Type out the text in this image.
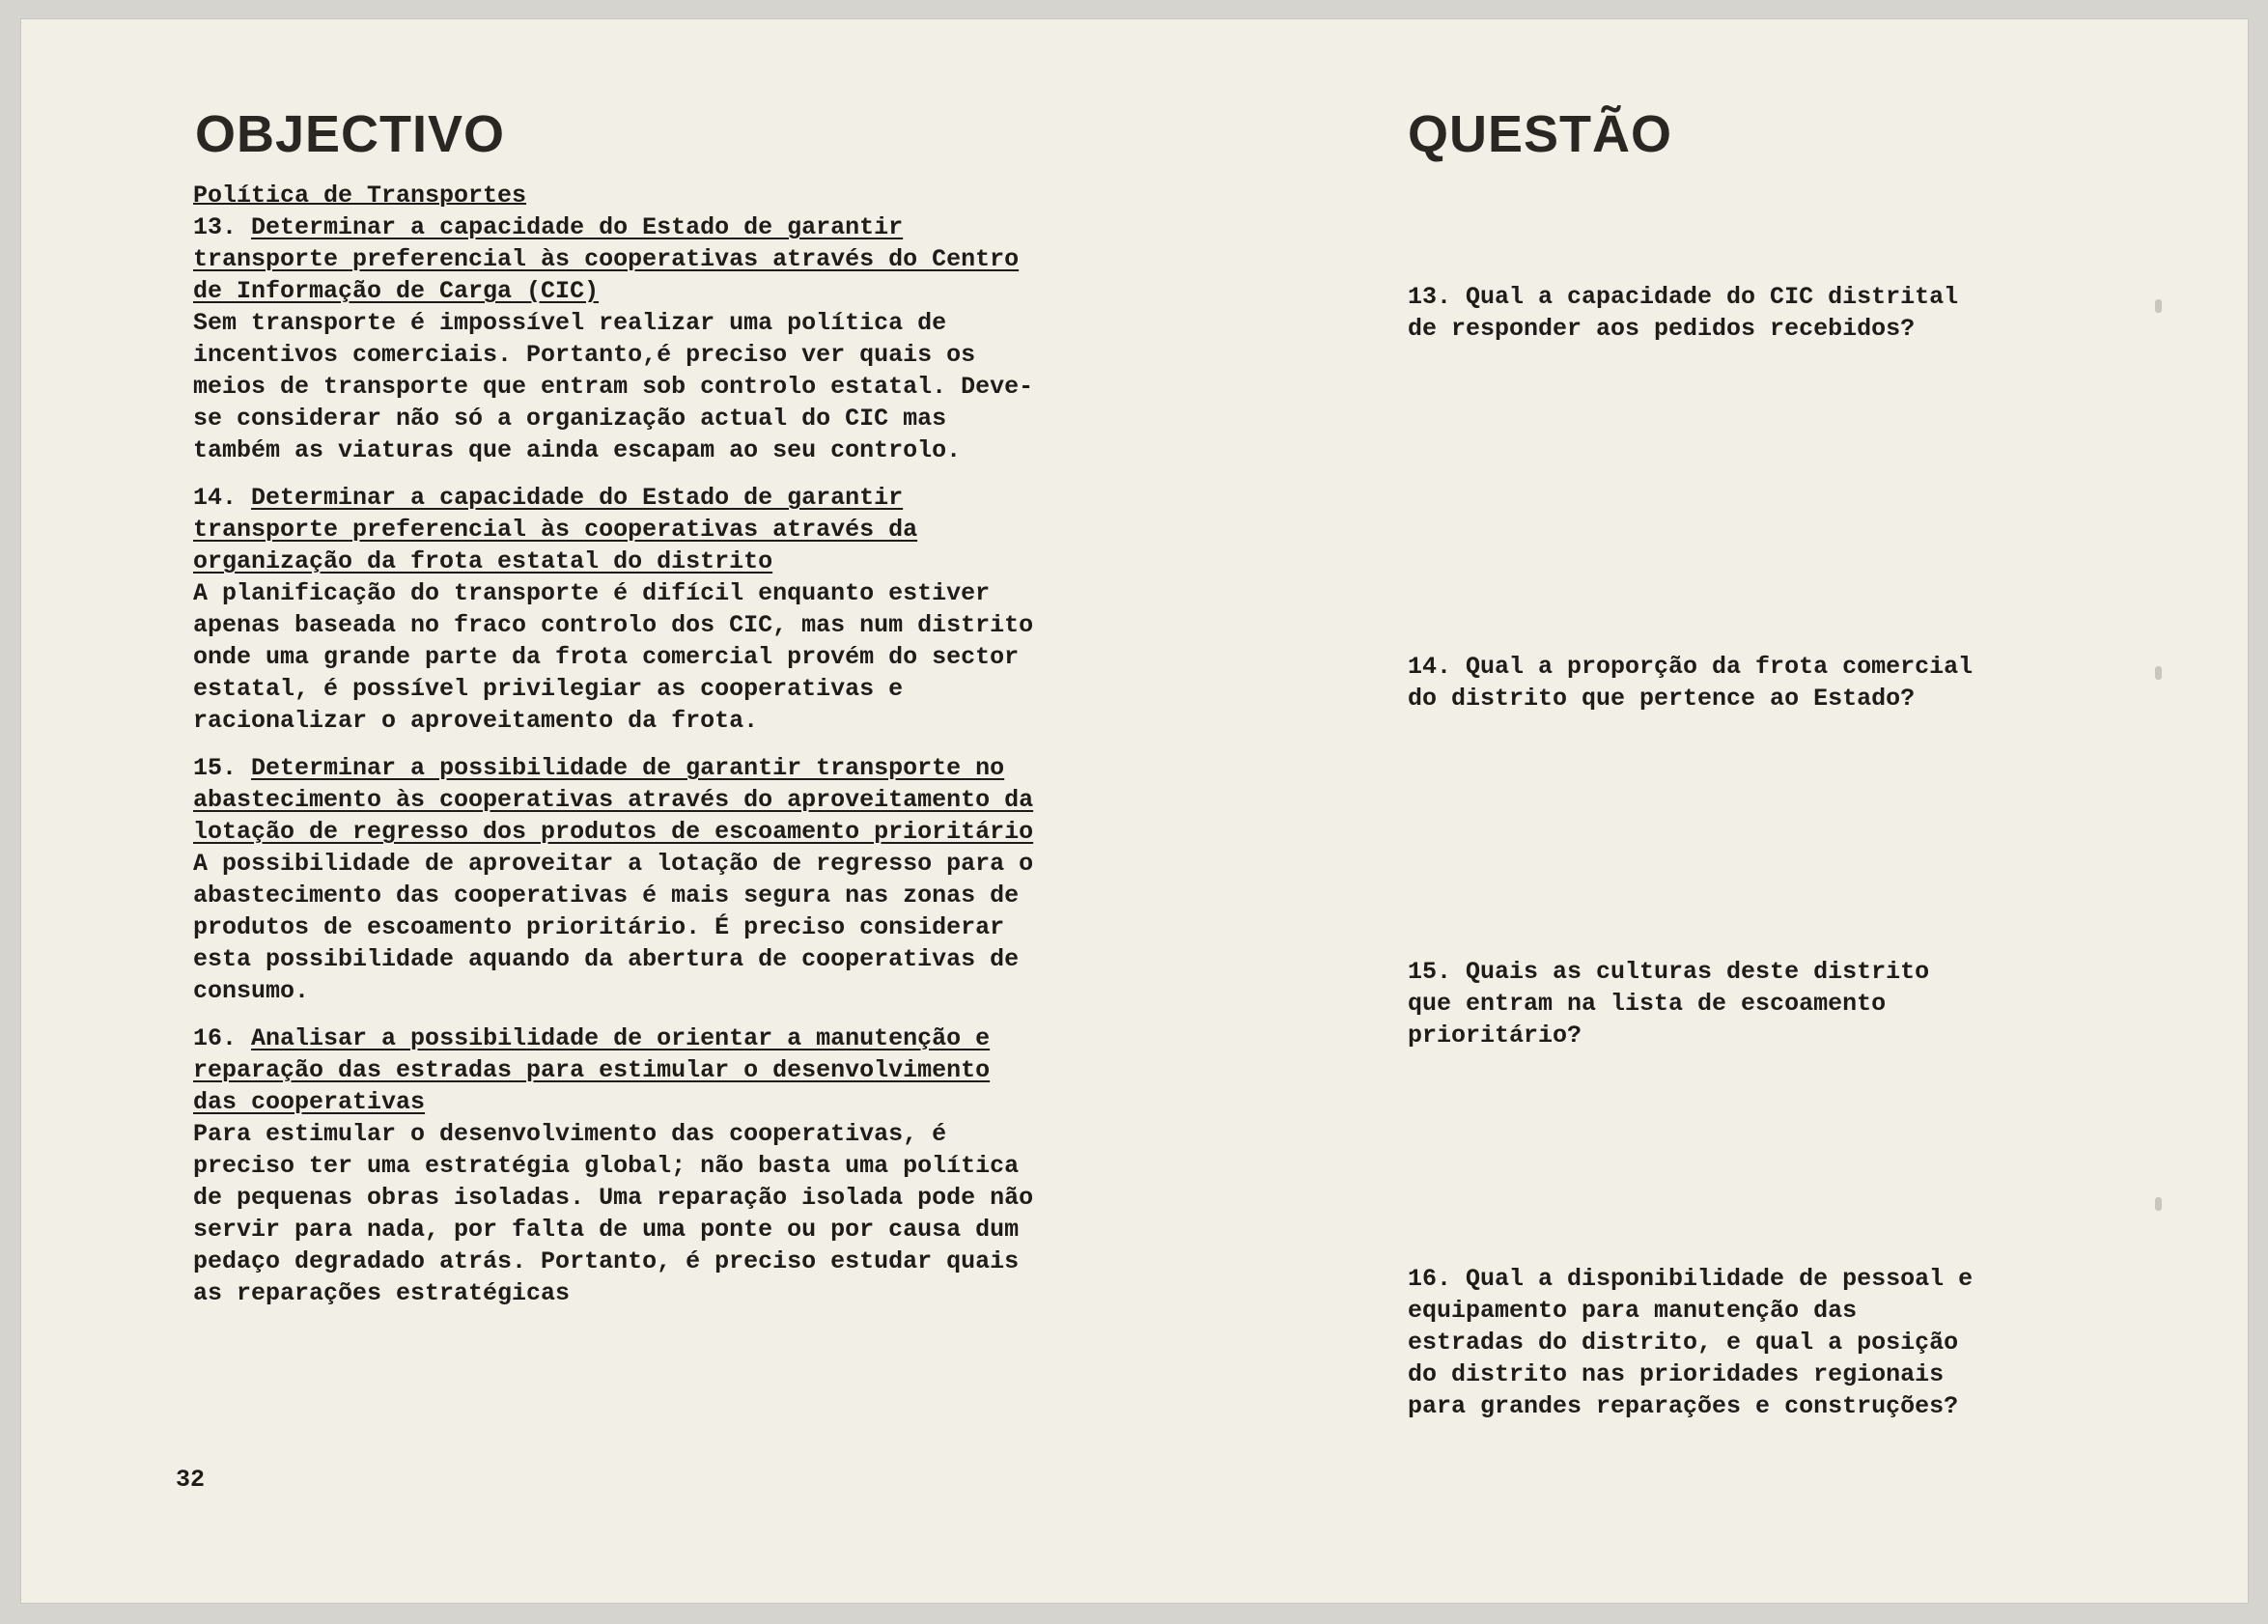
OBJECTIVO	QUESTÃO

Política de Transportes

13. Determinar a capacidade do Estado de garantir transporte preferencial às cooperativas através do Centro de Informação de Carga (CIC)

Sem transporte é impossível realizar uma política de incentivos comerciais. Portanto,é preciso ver quais os meios de transporte que entram sob controlo estatal. Deve-se considerar não só a organização actual do CIC mas também as viaturas que ainda escapam ao seu controlo.

14. Determinar a capacidade do Estado de garantir transporte preferencial às cooperativas através da organização da frota estatal do distrito

A planificação do transporte é difícil enquanto estiver apenas baseada no fraco controlo dos CIC, mas num distrito onde uma grande parte da frota comercial provém do sector estatal, é possível privilegiar as cooperativas e racionalizar o aproveitamento da frota.

15. Determinar a possibilidade de garantir transporte no abastecimento às cooperativas através do aproveitamento da lotação de regresso dos produtos de escoamento prioritário

A possibilidade de aproveitar a lotação de regresso para o abastecimento das cooperativas é mais segura nas zonas de produtos de escoamento prioritário. É preciso considerar esta possibilidade aquando da abertura de cooperativas de consumo.

16. Analisar a possibilidade de orientar a manutenção e reparação das estradas para estimular o desenvolvimento das cooperativas

Para estimular o desenvolvimento das cooperativas, é preciso ter uma estratégia global; não basta uma política de pequenas obras isoladas. Uma reparação isolada pode não servir para nada, por falta de uma ponte ou por causa dum pedaço degradado atrás. Portanto, é preciso estudar quais as reparações estratégicas

13. Qual a capacidade do CIC distrital de responder aos pedidos recebidos?
14. Qual a proporção da frota comercial do distrito que pertence ao Estado?
15. Quais as culturas deste distrito que entram na lista de escoamento prioritário?
16. Qual a disponibilidade de pessoal e equipamento para manutenção das estradas do distrito, e qual a posição do distrito nas prioridades regionais para grandes reparações e construções?
32
